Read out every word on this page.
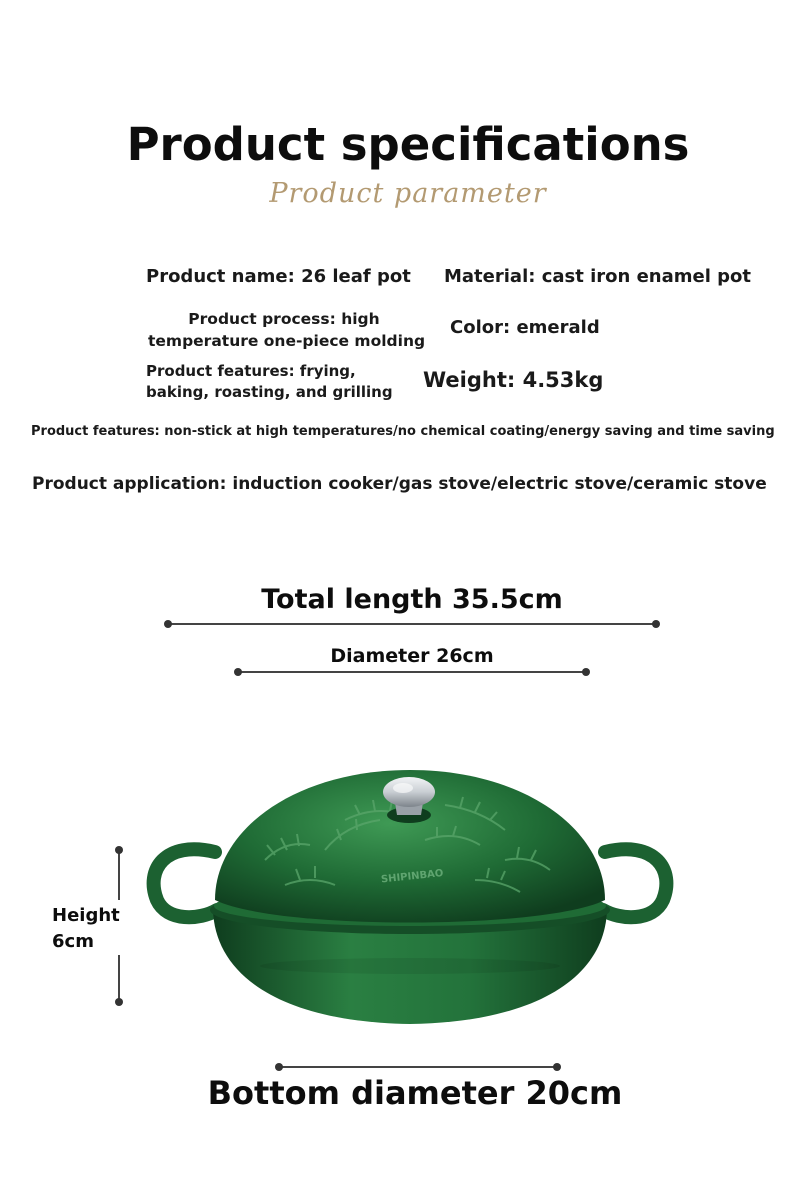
Product specifications
Product parameter
Product name: 26 leaf pot Material: cast iron enamel pot
Product process: high
temperature one-piece molding
Color: emerald
Product features: frying,
baking, roasting, and grilling Weight: 4.53kg
Product features: non-stick at high temperatures/no chemical coating/energy saving and time saving
Product application: induction cooker/gas stove/electric stove/ceramic stove
Total length 35.5cm
Diameter 26cm
Height
6cm
SHIPINBAO
Bottom diameter 20cm
